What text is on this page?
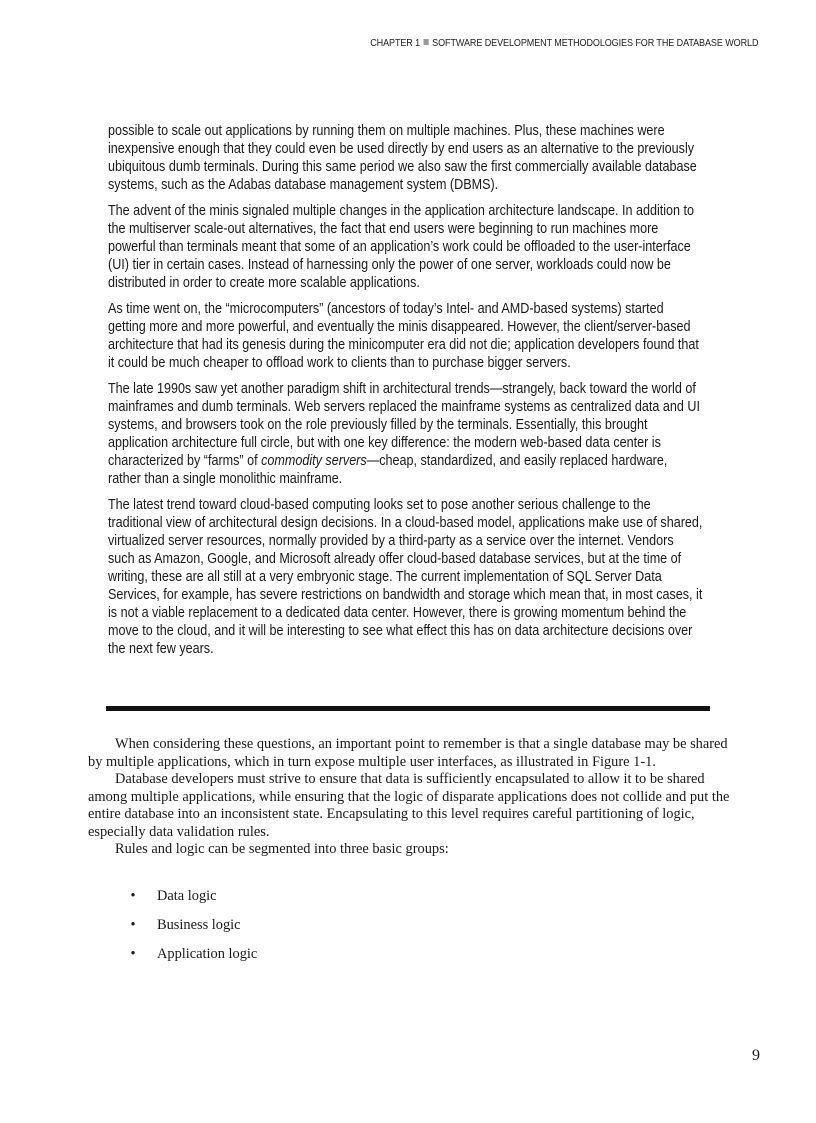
CHAPTER 1 SOFTWARE DEVELOPMENT METHODOLOGIES FOR THE DATABASE WORLD

possible to scale out applications by running them on multiple machines. Plus, these machines were inexpensive enough that they could even be used directly by end users as an alternative to the previously ubiquitous dumb terminals. During this same period we also saw the first commercially available database systems, such as the Adabas database management system (DBMS).

The advent of the minis signaled multiple changes in the application architecture landscape. In addition to the multiserver scale-out alternatives, the fact that end users were beginning to run machines more powerful than terminals meant that some of an application’s work could be offloaded to the user-interface (UI) tier in certain cases. Instead of harnessing only the power of one server, workloads could now be distributed in order to create more scalable applications.

As time went on, the “microcomputers” (ancestors of today’s Intel- and AMD-based systems) started getting more and more powerful, and eventually the minis disappeared. However, the client/server-based architecture that had its genesis during the minicomputer era did not die; application developers found that it could be much cheaper to offload work to clients than to purchase bigger servers.

The late 1990s saw yet another paradigm shift in architectural trends—strangely, back toward the world of mainframes and dumb terminals. Web servers replaced the mainframe systems as centralized data and UI systems, and browsers took on the role previously filled by the terminals. Essentially, this brought application architecture full circle, but with one key difference: the modern web-based data center is characterized by “farms” of commodity servers—cheap, standardized, and easily replaced hardware, rather than a single monolithic mainframe.

The latest trend toward cloud-based computing looks set to pose another serious challenge to the traditional view of architectural design decisions. In a cloud-based model, applications make use of shared, virtualized server resources, normally provided by a third-party as a service over the internet. Vendors such as Amazon, Google, and Microsoft already offer cloud-based database services, but at the time of writing, these are all still at a very embryonic stage. The current implementation of SQL Server Data Services, for example, has severe restrictions on bandwidth and storage which mean that, in most cases, it is not a viable replacement to a dedicated data center. However, there is growing momentum behind the move to the cloud, and it will be interesting to see what effect this has on data architecture decisions over the next few years.

When considering these questions, an important point to remember is that a single database may be shared by multiple applications, which in turn expose multiple user interfaces, as illustrated in Figure 1-1.

Database developers must strive to ensure that data is sufficiently encapsulated to allow it to be shared among multiple applications, while ensuring that the logic of disparate applications does not collide and put the entire database into an inconsistent state. Encapsulating to this level requires careful partitioning of logic, especially data validation rules.

Rules and logic can be segmented into three basic groups:

• Data logic
• Business logic
• Application logic
9
